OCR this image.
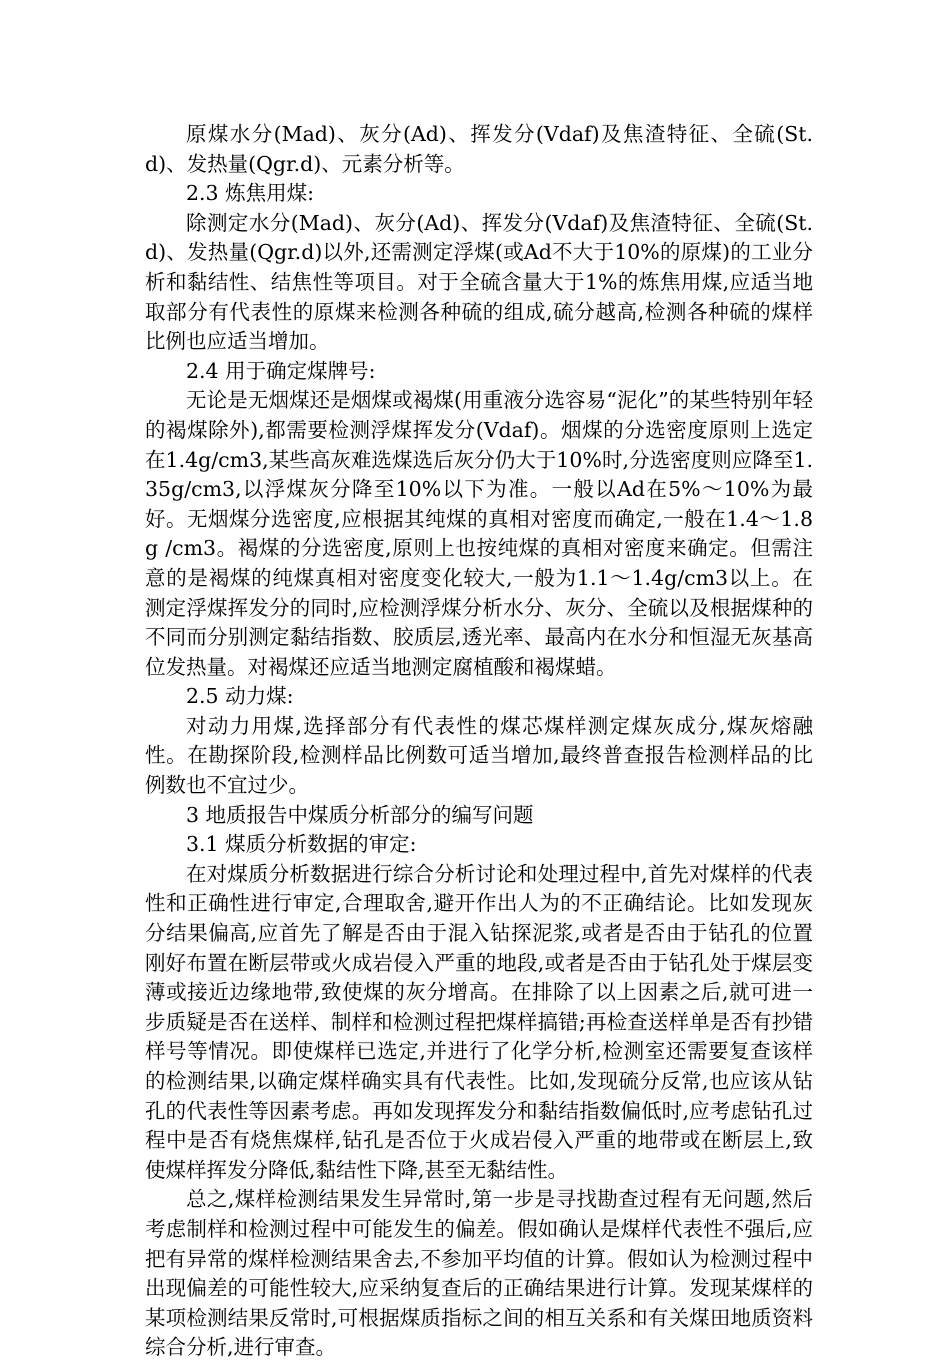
原煤水分(Mad)、灰分(Ad)、挥发分(Vdaf)及焦渣特征、全硫(St.d)、发热量(Qgr.d)、元素分析等。

2.3 炼焦用煤:

除测定水分(Mad)、灰分(Ad)、挥发分(Vdaf)及焦渣特征、全硫(St.d)、发热量(Qgr.d)以外,还需测定浮煤(或Ad不大于10%的原煤)的工业分析和黏结性、结焦性等项目。对于全硫含量大于1%的炼焦用煤,应适当地取部分有代表性的原煤来检测各种硫的组成,硫分越高,检测各种硫的煤样比例也应适当增加。

2.4 用于确定煤牌号:

无论是无烟煤还是烟煤或褐煤(用重液分选容易“泥化”的某些特别年轻的褐煤除外),都需要检测浮煤挥发分(Vdaf)。烟煤的分选密度原则上选定在1.4g/cm3,某些高灰难选煤选后灰分仍大于10%时,分选密度则应降至1.35g/cm3,以浮煤灰分降至10%以下为准。一般以Ad在5%～10%为最好。无烟煤分选密度,应根据其纯煤的真相对密度而确定,一般在1.4～1.8 g /cm3。褐煤的分选密度,原则上也按纯煤的真相对密度来确定。但需注意的是褐煤的纯煤真相对密度变化较大,一般为1.1～1.4g/cm3以上。在测定浮煤挥发分的同时,应检测浮煤分析水分、灰分、全硫以及根据煤种的不同而分别测定黏结指数、胶质层,透光率、最高内在水分和恒湿无灰基高位发热量。对褐煤还应适当地测定腐植酸和褐煤蜡。

2.5 动力煤:

对动力用煤,选择部分有代表性的煤芯煤样测定煤灰成分,煤灰熔融性。在勘探阶段,检测样品比例数可适当增加,最终普查报告检测样品的比例数也不宜过少。

3 地质报告中煤质分析部分的编写问题

3.1 煤质分析数据的审定:

在对煤质分析数据进行综合分析讨论和处理过程中,首先对煤样的代表性和正确性进行审定,合理取舍,避开作出人为的不正确结论。比如发现灰分结果偏高,应首先了解是否由于混入钻探泥浆,或者是否由于钻孔的位置刚好布置在断层带或火成岩侵入严重的地段,或者是否由于钻孔处于煤层变薄或接近边缘地带,致使煤的灰分增高。在排除了以上因素之后,就可进一步质疑是否在送样、制样和检测过程把煤样搞错;再检查送样单是否有抄错样号等情况。即使煤样已选定,并进行了化学分析,检测室还需要复查该样的检测结果,以确定煤样确实具有代表性。比如,发现硫分反常,也应该从钻孔的代表性等因素考虑。再如发现挥发分和黏结指数偏低时,应考虑钻孔过程中是否有烧焦煤样,钻孔是否位于火成岩侵入严重的地带或在断层上,致使煤样挥发分降低,黏结性下降,甚至无黏结性。

总之,煤样检测结果发生异常时,第一步是寻找勘查过程有无问题,然后考虑制样和检测过程中可能发生的偏差。假如确认是煤样代表性不强后,应把有异常的煤样检测结果舍去,不参加平均值的计算。假如认为检测过程中出现偏差的可能性较大,应采纳复查后的正确结果进行计算。发现某煤样的某项检测结果反常时,可根据煤质指标之间的相互关系和有关煤田地质资料综合分析,进行审查。
